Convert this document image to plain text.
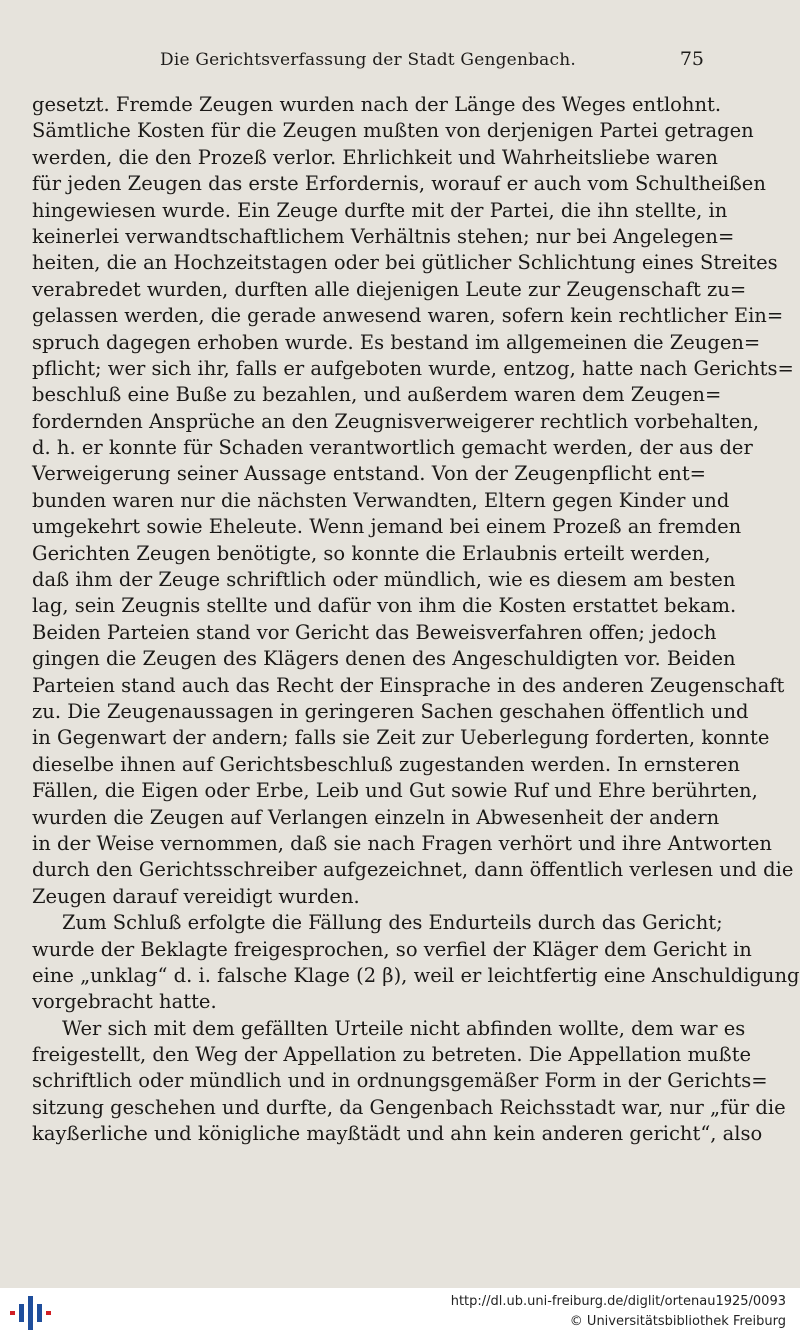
Die Gerichtsverfassung der Stadt Gengenbach.	75
gesetzt. Fremde Zeugen wurden nach der Länge des Weges entlohnt.
Sämtliche Kosten für die Zeugen mußten von derjenigen Partei getragen
werden, die den Prozeß verlor. Ehrlichkeit und Wahrheitsliebe waren
für jeden Zeugen das erste Erfordernis, worauf er auch vom Schultheißen
hingewiesen wurde. Ein Zeuge durfte mit der Partei, die ihn stellte, in
keinerlei verwandtschaftlichem Verhältnis stehen; nur bei Angelegen=
heiten, die an Hochzeitstagen oder bei gütlicher Schlichtung eines Streites
verabredet wurden, durften alle diejenigen Leute zur Zeugenschaft zu=
gelassen werden, die gerade anwesend waren, sofern kein rechtlicher Ein=
spruch dagegen erhoben wurde. Es bestand im allgemeinen die Zeugen=
pflicht; wer sich ihr, falls er aufgeboten wurde, entzog, hatte nach Gerichts=
beschluß eine Buße zu bezahlen, und außerdem waren dem Zeugen=
fordernden Ansprüche an den Zeugnisverweigerer rechtlich vorbehalten,
d. h. er konnte für Schaden verantwortlich gemacht werden, der aus der
Verweigerung seiner Aussage entstand. Von der Zeugenpflicht ent=
bunden waren nur die nächsten Verwandten, Eltern gegen Kinder und
umgekehrt sowie Eheleute. Wenn jemand bei einem Prozeß an fremden
Gerichten Zeugen benötigte, so konnte die Erlaubnis erteilt werden,
daß ihm der Zeuge schriftlich oder mündlich, wie es diesem am besten
lag, sein Zeugnis stellte und dafür von ihm die Kosten erstattet bekam.
Beiden Parteien stand vor Gericht das Beweisverfahren offen; jedoch
gingen die Zeugen des Klägers denen des Angeschuldigten vor. Beiden
Parteien stand auch das Recht der Einsprache in des anderen Zeugenschaft
zu. Die Zeugenaussagen in geringeren Sachen geschahen öffentlich und
in Gegenwart der andern; falls sie Zeit zur Ueberlegung forderten, konnte
dieselbe ihnen auf Gerichtsbeschluß zugestanden werden. In ernsteren
Fällen, die Eigen oder Erbe, Leib und Gut sowie Ruf und Ehre berührten,
wurden die Zeugen auf Verlangen einzeln in Abwesenheit der andern
in der Weise vernommen, daß sie nach Fragen verhört und ihre Antworten
durch den Gerichtsschreiber aufgezeichnet, dann öffentlich verlesen und die
Zeugen darauf vereidigt wurden.
Zum Schluß erfolgte die Fällung des Endurteils durch das Gericht;
wurde der Beklagte freigesprochen, so verfiel der Kläger dem Gericht in
eine „unklag“ d. i. falsche Klage (2 β), weil er leichtfertig eine Anschuldigung
vorgebracht hatte.
Wer sich mit dem gefällten Urteile nicht abfinden wollte, dem war es
freigestellt, den Weg der Appellation zu betreten. Die Appellation mußte
schriftlich oder mündlich und in ordnungsgemäßer Form in der Gerichts=
sitzung geschehen und durfte, da Gengenbach Reichsstadt war, nur „für die
kayßerliche und königliche mayßtädt und ahn kein anderen gericht“, also
http://dl.ub.uni-freiburg.de/diglit/ortenau1925/0093
© Universitätsbibliothek Freiburg
